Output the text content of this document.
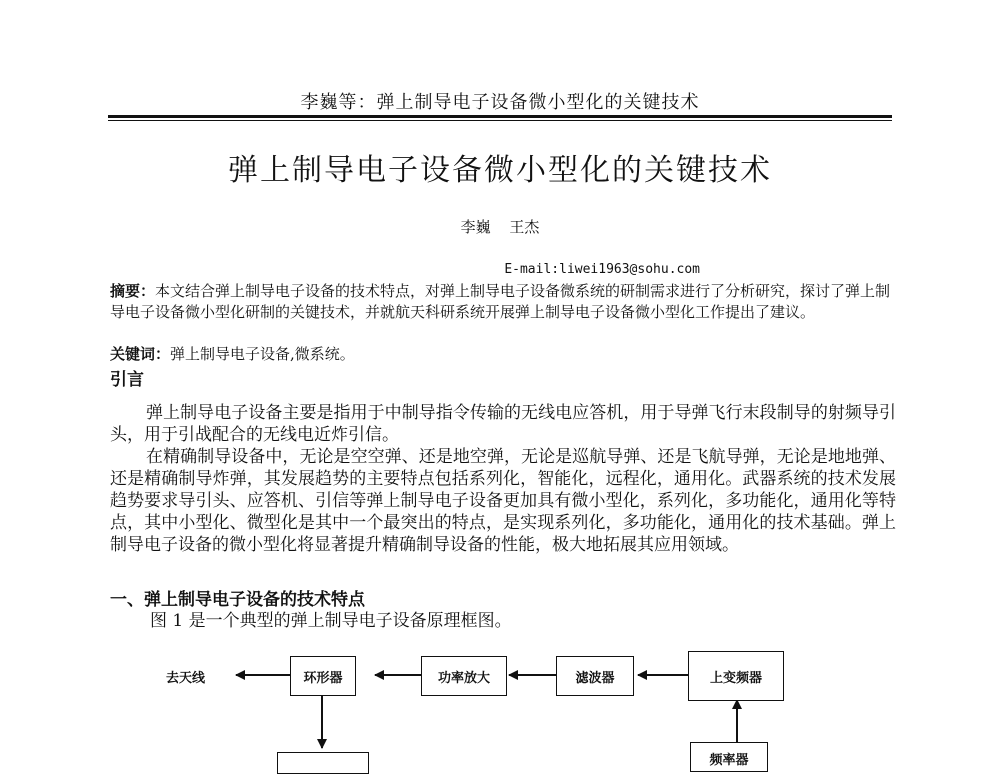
李巍等：弹上制导电子设备微小型化的关键技术
弹上制导电子设备微小型化的关键技术
李巍 王杰
E-mail:liwei1963@sohu.com
摘要：本文结合弹上制导电子设备的技术特点，对弹上制导电子设备微系统的研制需求进行了分析研究，探讨了弹上制导电子设备微小型化研制的关键技术，并就航天科研系统开展弹上制导电子设备微小型化工作提出了建议。
关键词：弹上制导电子设备,微系统。
引言
弹上制导电子设备主要是指用于中制导指令传输的无线电应答机，用于导弹飞行末段制导的射频导引头，用于引战配合的无线电近炸引信。
在精确制导设备中，无论是空空弹、还是地空弹，无论是巡航导弹、还是飞航导弹，无论是地地弹、还是精确制导炸弹，其发展趋势的主要特点包括系列化，智能化，远程化，通用化。武器系统的技术发展趋势要求导引头、应答机、引信等弹上制导电子设备更加具有微小型化，系列化，多功能化，通用化等特点，其中小型化、微型化是其中一个最突出的特点，是实现系列化，多功能化，通用化的技术基础。弹上制导电子设备的微小型化将显著提升精确制导设备的性能，极大地拓展其应用领域。
一、弹上制导电子设备的技术特点
图 1 是一个典型的弹上制导电子设备原理框图。
去天线	环形器	功率放大	滤波器	上变频器
频率器
